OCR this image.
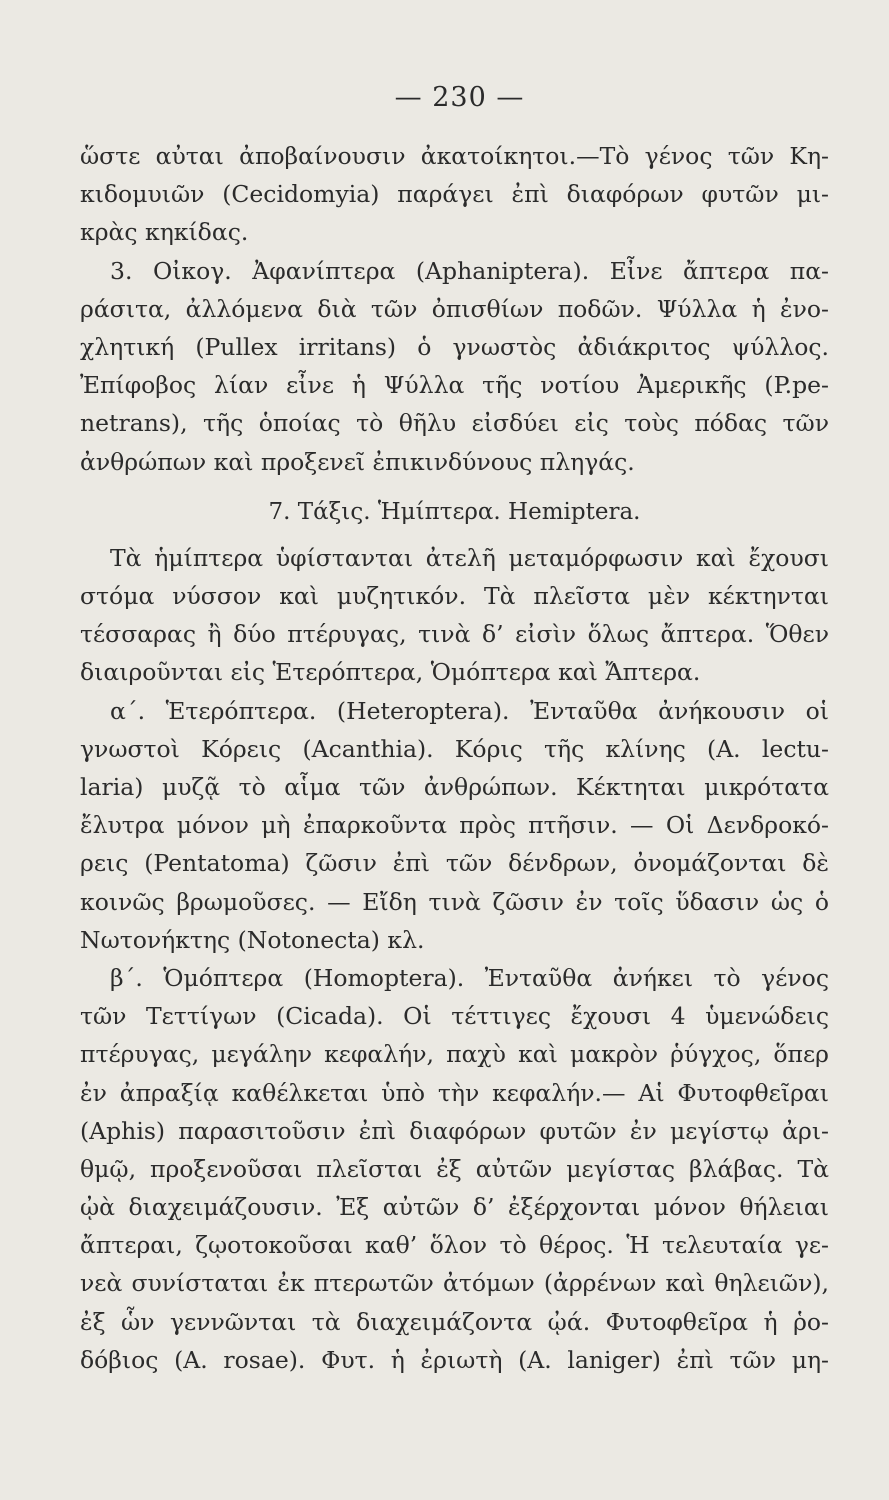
— 230 —
ὥστε αὐται ἀποβαίνουσιν ἀκατοίκητοι.—Τὸ γένος τῶν Κη-
κιδομυιῶν (Cecidomyia) παράγει ἐπὶ διαφόρων φυτῶν μι-
κρὰς κηκίδας.
3. Οἰκογ. Ἀφανίπτερα (Aphaniptera). Εἶνε ἄπτερα πα-
ράσιτα, ἀλλόμενα διὰ τῶν ὀπισθίων ποδῶν. Ψύλλα ἡ ἐνο-
χλητική (Pullex irritans) ὁ γνωστὸς ἀδιάκριτος ψύλλος.
Ἐπίφοβος λίαν εἶνε ἡ Ψύλλα τῆς νοτίου Ἀμερικῆς (P.pe-
netrans), τῆς ὁποίας τὸ θῆλυ εἰσδύει εἰς τοὺς πόδας τῶν
ἀνθρώπων καὶ προξενεῖ ἐπικινδύνους πληγάς.
7. Τάξις. Ἡμίπτερα. Hemiptera.
Τὰ ἡμίπτερα ὑφίστανται ἀτελῆ μεταμόρφωσιν καὶ ἔχουσι
στόμα νύσσον καὶ μυζητικόν. Τὰ πλεῖστα μὲν κέκτηνται
τέσσαρας ἢ δύο πτέρυγας, τινὰ δ’ εἰσὶν ὅλως ἄπτερα. Ὅθεν
διαιροῦνται εἰς Ἑτερόπτερα, Ὁμόπτερα καὶ Ἄπτερα.
α΄. Ἑτερόπτερα. (Heteroptera). Ἐνταῦθα ἀνήκουσιν οἱ
γνωστοὶ Κόρεις (Acanthia). Κόρις τῆς κλίνης (A. lectu-
laria) μυζᾷ τὸ αἷμα τῶν ἀνθρώπων. Κέκτηται μικρότατα
ἔλυτρα μόνον μὴ ἐπαρκοῦντα πρὸς πτῆσιν. — Οἱ Δενδροκό-
ρεις (Pentatoma) ζῶσιν ἐπὶ τῶν δένδρων, ὀνομάζονται δὲ
κοινῶς βρωμοῦσες. — Εἴδη τινὰ ζῶσιν ἐν τοῖς ὕδασιν ὡς ὁ
Νωτονήκτης (Notonecta) κλ.
β΄. Ὁμόπτερα (Homoptera). Ἐνταῦθα ἀνήκει τὸ γένος
τῶν Τεττίγων (Cicada). Οἱ τέττιγες ἔχουσι 4 ὑμενώδεις
πτέρυγας, μεγάλην κεφαλήν, παχὺ καὶ μακρὸν ῥύγχος, ὅπερ
ἐν ἀπραξίᾳ καθέλκεται ὑπὸ τὴν κεφαλήν.— Αἱ Φυτοφθεῖραι
(Aphis) παρασιτοῦσιν ἐπὶ διαφόρων φυτῶν ἐν μεγίστῳ ἀρι-
θμῷ, προξενοῦσαι πλεῖσται ἐξ αὐτῶν μεγίστας βλάβας. Τὰ
ᾠὰ διαχειμάζουσιν. Ἐξ αὐτῶν δ’ ἐξέρχονται μόνον θήλειαι
ἄπτεραι, ζῳοτοκοῦσαι καθ’ ὅλον τὸ θέρος. Ἡ τελευταία γε-
νεὰ συνίσταται ἐκ πτερωτῶν ἀτόμων (ἀρρένων καὶ θηλειῶν),
ἐξ ὧν γεννῶνται τὰ διαχειμάζοντα ᾠά. Φυτοφθεῖρα ἡ ῥο-
δόβιος (A. rosae). Φυτ. ἡ ἐριωτὴ (A. laniger) ἐπὶ τῶν μη-
